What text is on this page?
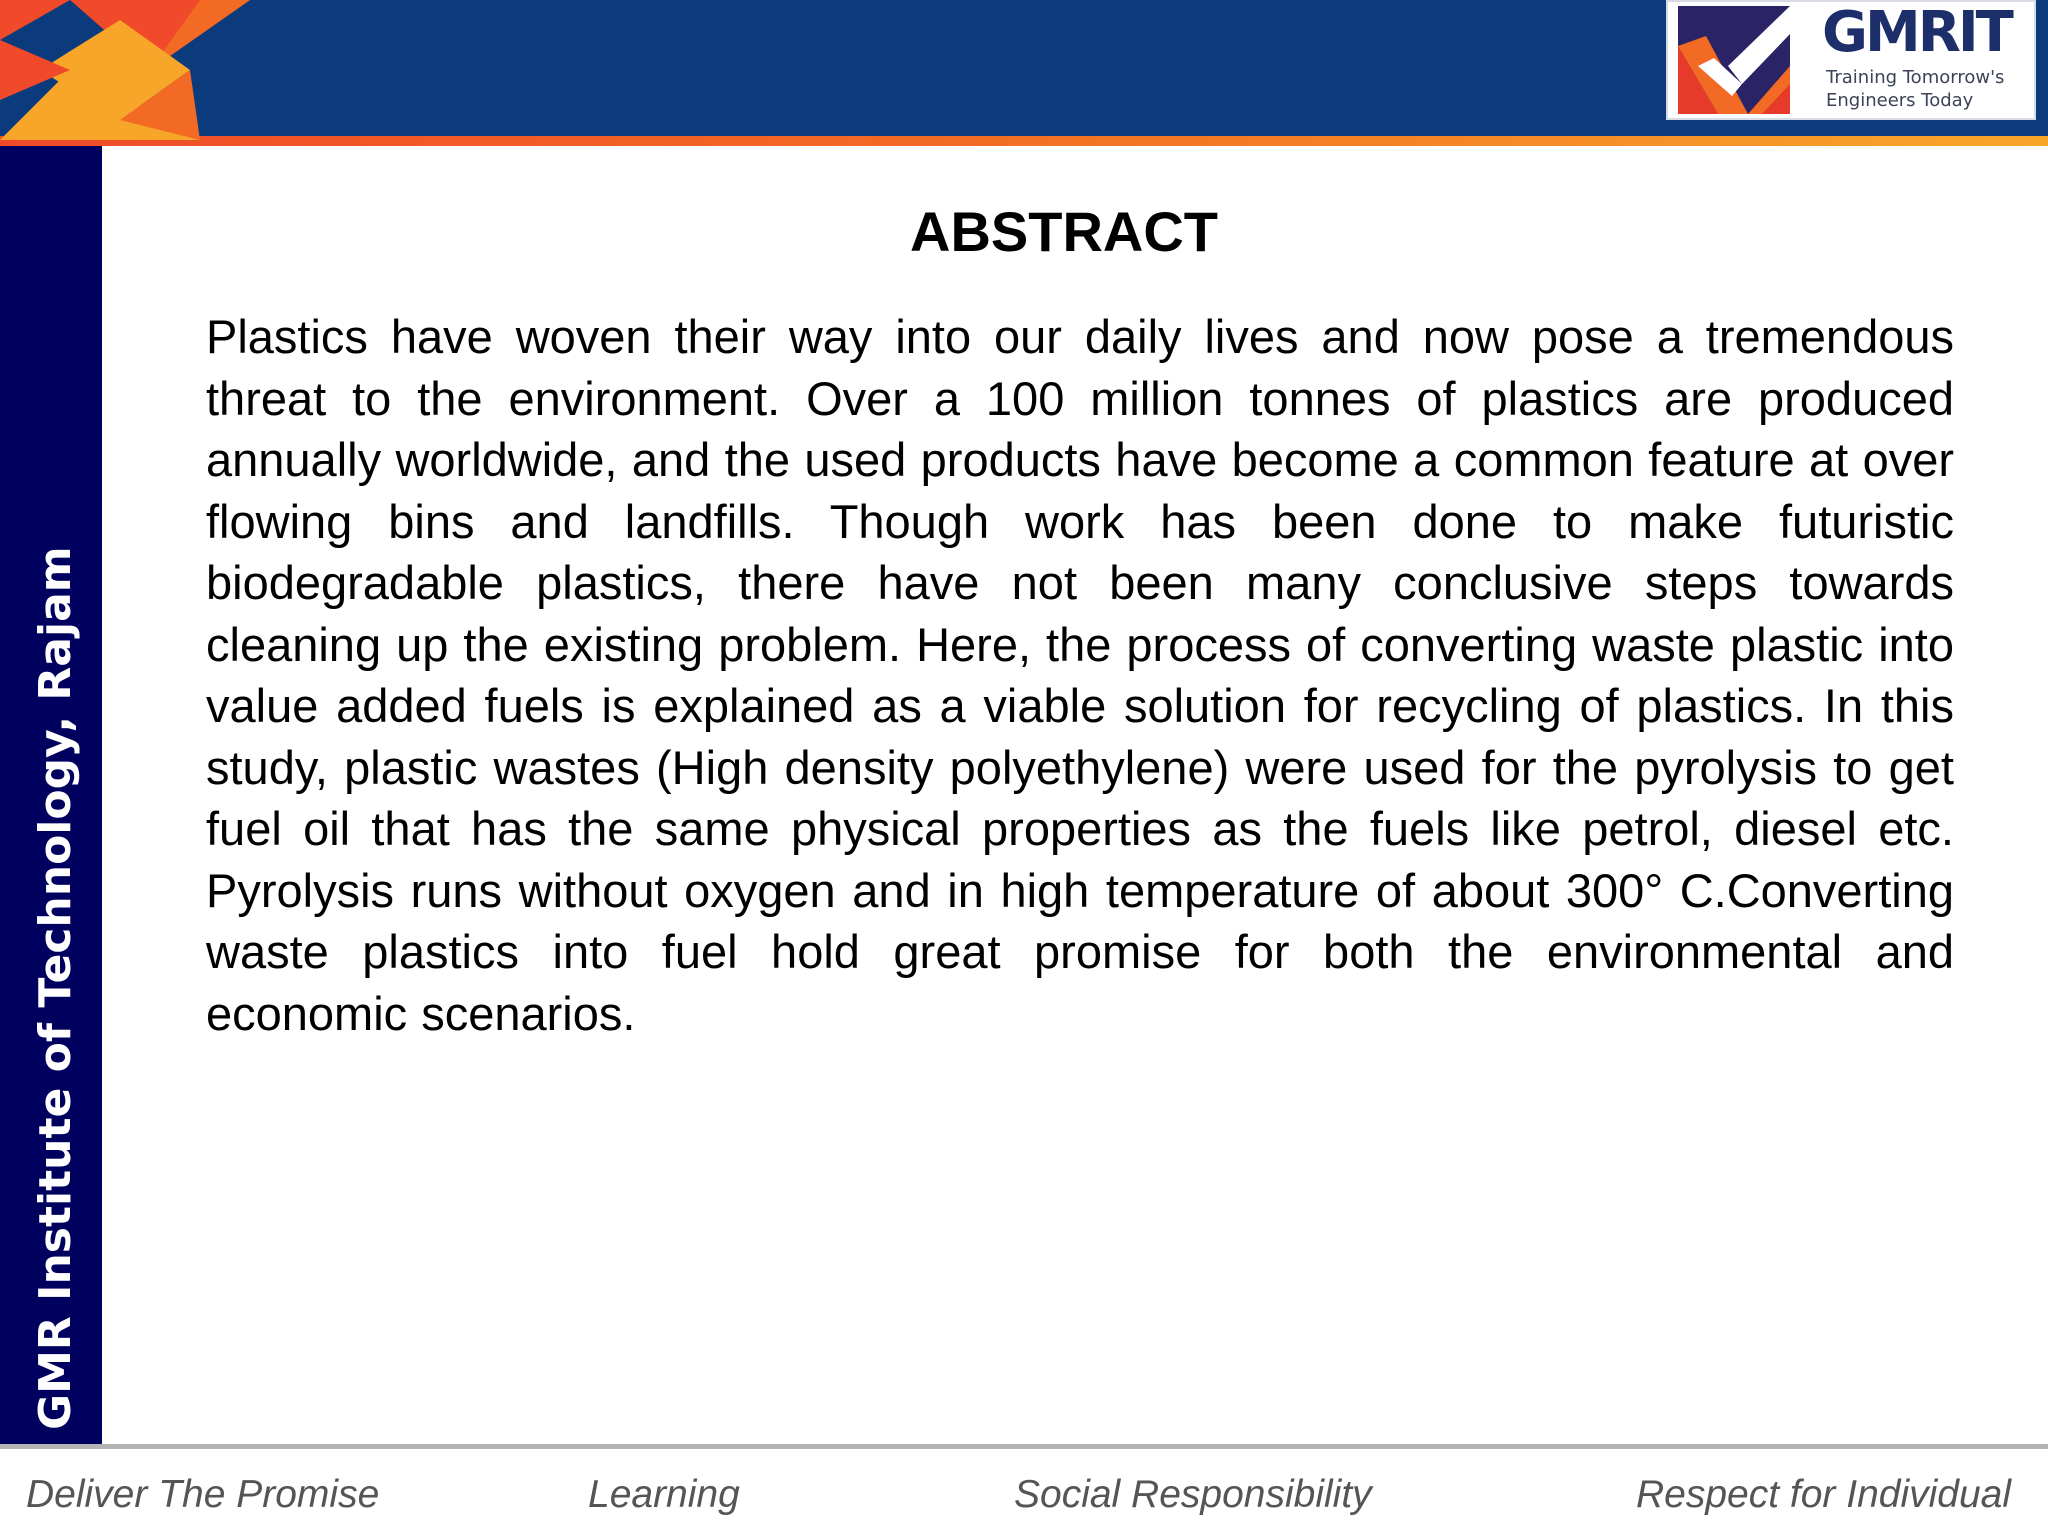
GMRIT
Training Tomorrow's Engineers Today
GMR Institute of Technology, Rajam
ABSTRACT
Plastics have woven their way into our daily lives and now pose a tremendous threat to the environment. Over a 100 million tonnes of plastics are produced annually worldwide, and the used products have become a common feature at over flowing bins and landfills. Though work has been done to make futuristic biodegradable plastics, there have not been many conclusive steps towards cleaning up the existing problem. Here, the process of converting waste plastic into value added fuels is explained as a viable solution for recycling of plastics. In this study, plastic wastes (High density polyethylene) were used for the pyrolysis to get fuel oil that has the same physical properties as the fuels like petrol, diesel etc. Pyrolysis runs without oxygen and in high temperature of about 300° C.Converting waste plastics into fuel hold great promise for both the environmental and economic scenarios.
Deliver The Promise	Learning	Social Responsibility	Respect for Individual
